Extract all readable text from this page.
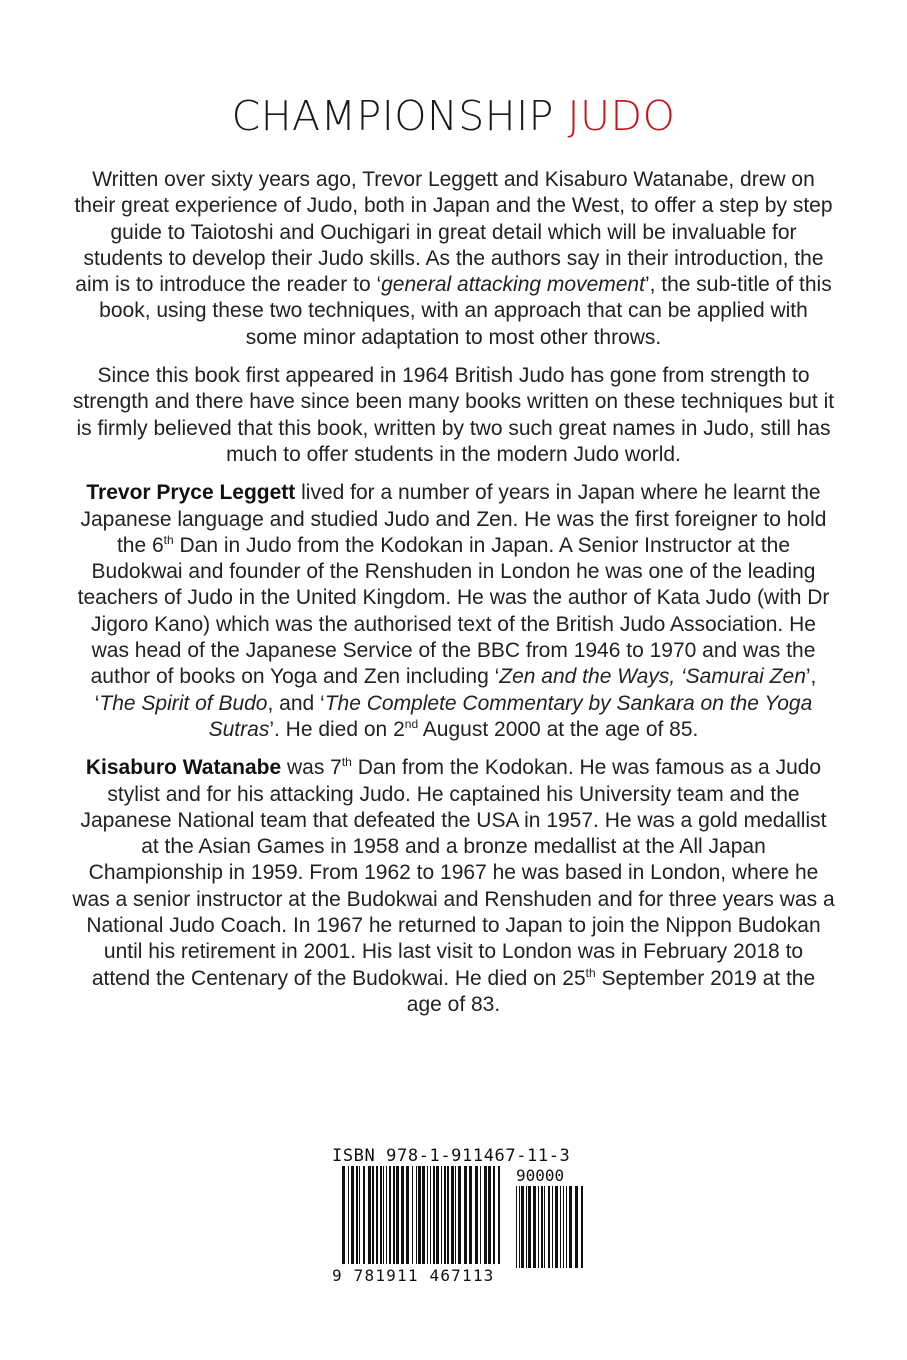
CHAMPIONSHIP JUDO

Written over sixty years ago, Trevor Leggett and Kisaburo Watanabe, drew on their great experience of Judo, both in Japan and the West, to offer a step by step guide to Taiotoshi and Ouchigari in great detail which will be invaluable for students to develop their Judo skills. As the authors say in their introduction, the aim is to introduce the reader to ‘general attacking movement’, the sub-title of this book, using these two techniques, with an approach that can be applied with some minor adaptation to most other throws.

Since this book first appeared in 1964 British Judo has gone from strength to strength and there have since been many books written on these techniques but it is firmly believed that this book, written by two such great names in Judo, still has much to offer students in the modern Judo world.

Trevor Pryce Leggett lived for a number of years in Japan where he learnt the Japanese language and studied Judo and Zen. He was the first foreigner to hold the 6th Dan in Judo from the Kodokan in Japan. A Senior Instructor at the Budokwai and founder of the Renshuden in London he was one of the leading teachers of Judo in the United Kingdom. He was the author of Kata Judo (with Dr Jigoro Kano) which was the authorised text of the British Judo Association. He was head of the Japanese Service of the BBC from 1946 to 1970 and was the author of books on Yoga and Zen including ‘Zen and the Ways, ‘Samurai Zen’, ‘The Spirit of Budo, and ‘The Complete Commentary by Sankara on the Yoga Sutras’. He died on 2nd August 2000 at the age of 85.

Kisaburo Watanabe was 7th Dan from the Kodokan. He was famous as a Judo stylist and for his attacking Judo. He captained his University team and the Japanese National team that defeated the USA in 1957. He was a gold medallist at the Asian Games in 1958 and a bronze medallist at the All Japan Championship in 1959. From 1962 to 1967 he was based in London, where he was a senior instructor at the Budokwai and Renshuden and for three years was a National Judo Coach. In 1967 he returned to Japan to join the Nippon Budokan until his retirement in 2001. His last visit to London was in February 2018 to attend the Centenary of the Budokwai. He died on 25th September 2019 at the age of 83.

ISBN 978-1-911467-11-3
90000
9 781911 467113
